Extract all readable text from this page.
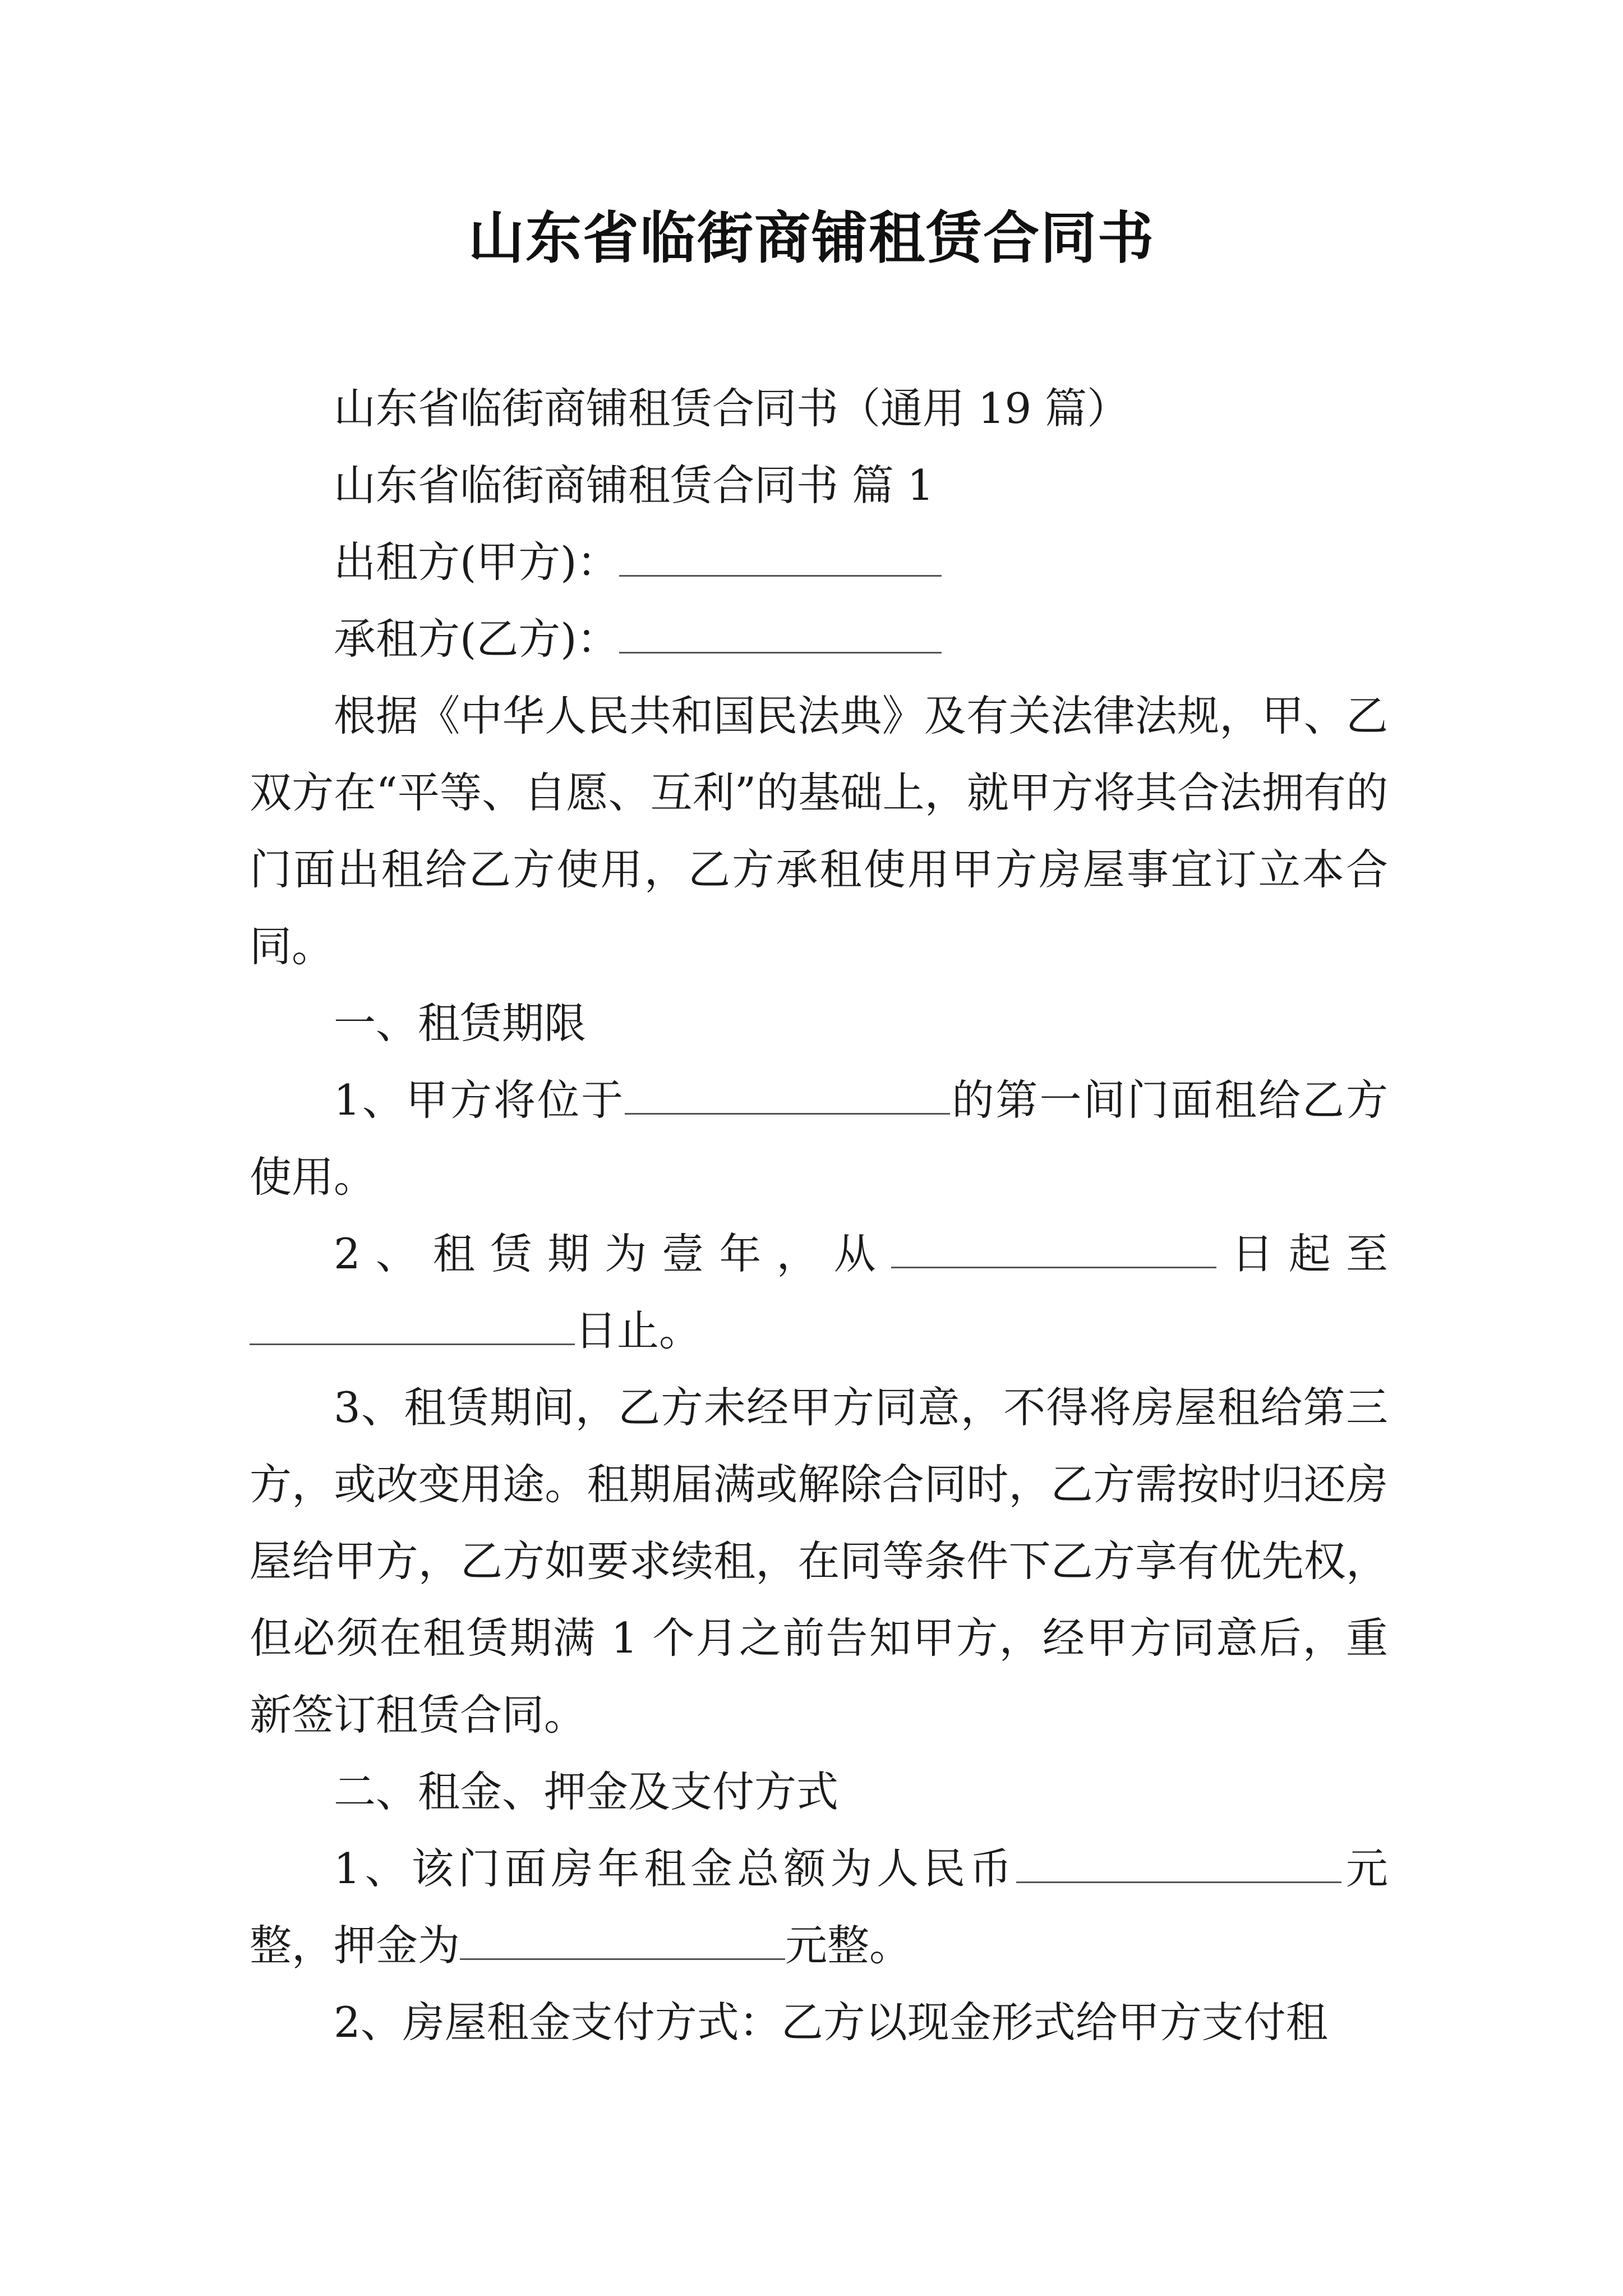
山东省临街商铺租赁合同书

山东省临街商铺租赁合同书（通用 19 篇）

山东省临街商铺租赁合同书 篇 1

出租方(甲方)：

承租方(乙方)：

根据《中华人民共和国民法典》及有关法律法规，甲、乙双方在“平等、自愿、互利”的基础上，就甲方将其合法拥有的门面出租给乙方使用，乙方承租使用甲方房屋事宜订立本合同。

一、租赁期限

1、甲方将位于	的第一间门面租给乙方使用。

2、租赁期为壹年，从	日起至

日止。

3、租赁期间，乙方未经甲方同意，不得将房屋租给第三方，或改变用途。租期届满或解除合同时，乙方需按时归还房屋给甲方，乙方如要求续租，在同等条件下乙方享有优先权，但必须在租赁期满 1 个月之前告知甲方，经甲方同意后，重新签订租赁合同。

二、租金、押金及支付方式

1、该门面房年租金总额为人民币	元整，押金为	元整。

2、房屋租金支付方式：乙方以现金形式给甲方支付租
